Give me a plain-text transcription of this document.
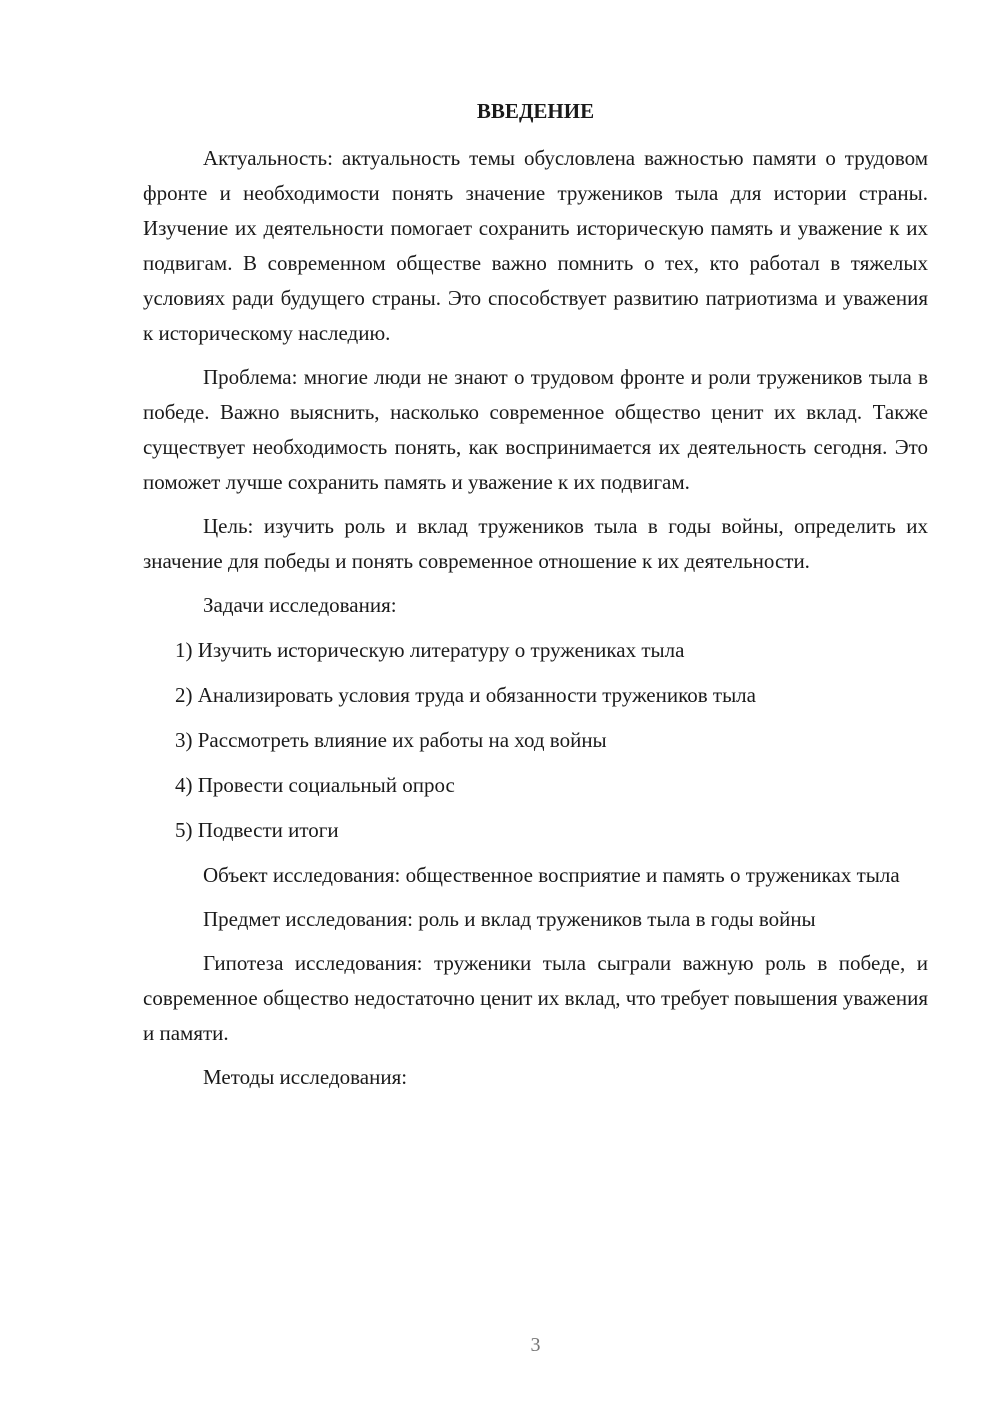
ВВЕДЕНИЕ

Актуальность: актуальность темы обусловлена важностью памяти о трудовом фронте и необходимости понять значение тружеников тыла для истории страны. Изучение их деятельности помогает сохранить историческую память и уважение к их подвигам. В современном обществе важно помнить о тех, кто работал в тяжелых условиях ради будущего страны. Это способствует развитию патриотизма и уважения к историческому наследию.

Проблема: многие люди не знают о трудовом фронте и роли тружеников тыла в победе. Важно выяснить, насколько современное общество ценит их вклад. Также существует необходимость понять, как воспринимается их деятельность сегодня. Это поможет лучше сохранить память и уважение к их подвигам.

Цель: изучить роль и вклад тружеников тыла в годы войны, определить их значение для победы и понять современное отношение к их деятельности.

Задачи исследования:

1) Изучить историческую литературу о тружениках тыла
2) Анализировать условия труда и обязанности тружеников тыла
3) Рассмотреть влияние их работы на ход войны
4) Провести социальный опрос
5) Подвести итоги

Объект исследования: общественное восприятие и память о тружениках тыла

Предмет исследования: роль и вклад тружеников тыла в годы войны

Гипотеза исследования: труженики тыла сыграли важную роль в победе, и современное общество недостаточно ценит их вклад, что требует повышения уважения и памяти.

Методы исследования:

3
